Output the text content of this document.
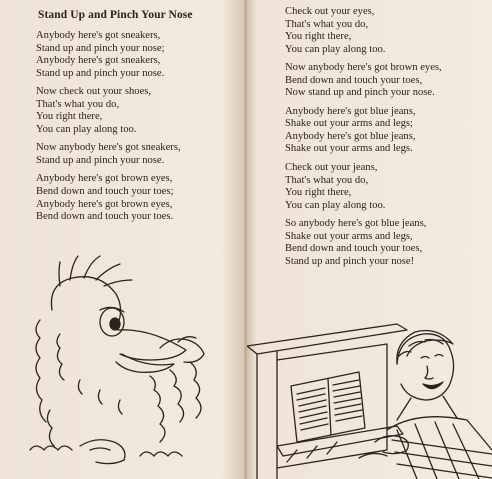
Stand Up and Pinch Your Nose
Anybody here's got sneakers,
Stand up and pinch your nose;
Anybody here's got sneakers,
Stand up and pinch your nose.
Now check out your shoes,
That's what you do,
You right there,
You can play along too.
Now anybody here's got sneakers,
Stand up and pinch your nose.
Anybody here's got brown eyes,
Bend down and touch your toes;
Anybody here's got brown eyes,
Bend down and touch your toes.
Check out your eyes,
That's what you do,
You right there,
You can play along too.
Now anybody here's got brown eyes,
Bend down and touch your toes,
Now stand up and pinch your nose.
Anybody here's got blue jeans,
Shake out your arms and legs;
Anybody here's got blue jeans,
Shake out your arms and legs.
Check out your jeans,
That's what you do,
You right there,
You can play along too.
So anybody here's got blue jeans,
Shake out your arms and legs,
Bend down and touch your toes,
Stand up and pinch your nose!
